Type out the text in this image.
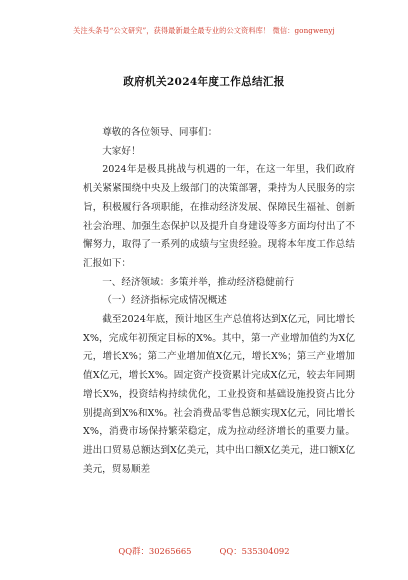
关注头条号“公文研究”，获得最新最全最专业的公文资料库！ 微信：gongwenyj
政府机关2024年度工作总结汇报

尊敬的各位领导、同事们：

大家好！

2024年是极具挑战与机遇的一年，在这一年里，我们政府机关紧紧围绕中央及上级部门的决策部署，秉持为人民服务的宗旨，积极履行各项职能，在推动经济发展、保障民生福祉、创新社会治理、加强生态保护以及提升自身建设等多方面均付出了不懈努力，取得了一系列的成绩与宝贵经验。现将本年度工作总结汇报如下：

一、经济领域：多策并举，推动经济稳健前行

（一）经济指标完成情况概述

截至2024年底，预计地区生产总值将达到X亿元，同比增长X%，完成年初预定目标的X%。其中，第一产业增加值约为X亿元，增长X%；第二产业增加值X亿元，增长X%；第三产业增加值X亿元，增长X%。固定资产投资累计完成X亿元，较去年同期增长X%，投资结构持续优化，工业投资和基础设施投资占比分别提高到X%和X%。社会消费品零售总额实现X亿元，同比增长X%，消费市场保持繁荣稳定，成为拉动经济增长的重要力量。进出口贸易总额达到X亿美元，其中出口额X亿美元，进口额X亿美元，贸易顺差

QQ群：30265665	QQ：535304092
